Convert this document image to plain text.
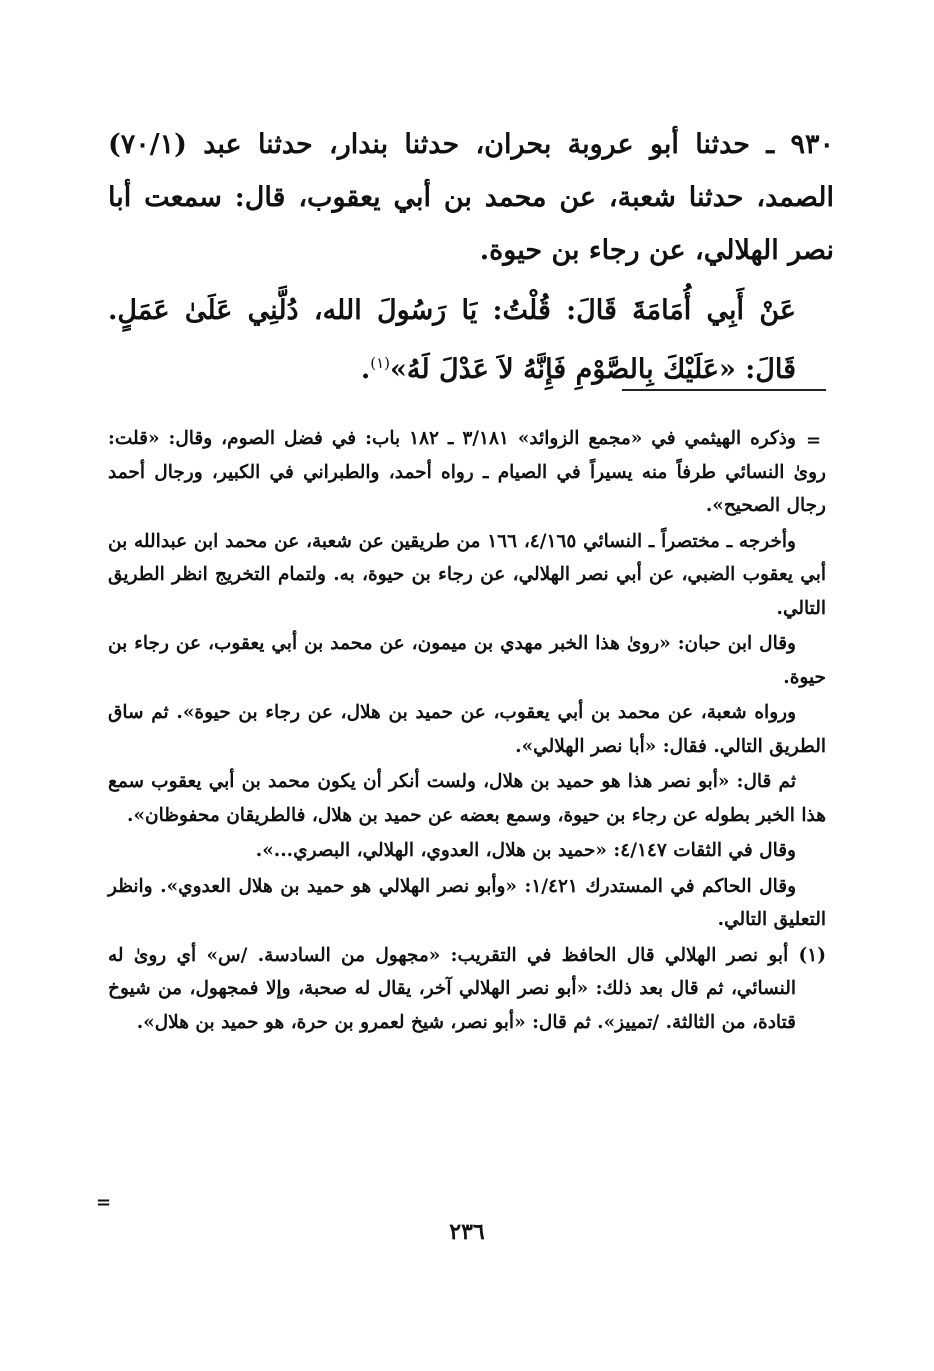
٩٣٠ ـ حدثنا أبو عروبة بحران، حدثنا بندار، حدثنا عبد (٧٠/١) الصمد، حدثنا شعبة، عن محمد بن أبي يعقوب، قال: سمعت أبا نصر الهلالي، عن رجاء بن حيوة.

عَنْ أَبِي أُمَامَةَ قَالَ: قُلْتُ: يَا رَسُولَ الله، دُلَّنِي عَلَىٰ عَمَلٍ. قَالَ: «عَلَيْكَ بِالصَّوْمِ فَإِنَّهُ لاَ عَدْلَ لَهُ»$^{(١)}$.

=

وذكره الهيثمي في «مجمع الزوائد» ٣/١٨١ ـ ١٨٢ باب: في فضل الصوم، وقال: «قلت: روىٰ النسائي طرفاً منه يسيراً في الصيام ـ رواه أحمد، والطبراني في الكبير، ورجال أحمد رجال الصحيح».

وأخرجه ـ مختصراً ـ النسائي ٤/١٦٥، ١٦٦ من طريقين عن شعبة، عن محمد ابن عبدالله بن أبي يعقوب الضبي، عن أبي نصر الهلالي، عن رجاء بن حيوة، به. ولتمام التخريج انظر الطريق التالي.

وقال ابن حبان: «روىٰ هذا الخبر مهدي بن ميمون، عن محمد بن أبي يعقوب، عن رجاء بن حيوة.

ورواه شعبة، عن محمد بن أبي يعقوب، عن حميد بن هلال، عن رجاء بن حيوة». ثم ساق الطريق التالي. فقال: «أبا نصر الهلالي».

ثم قال: «أبو نصر هذا هو حميد بن هلال، ولست أنكر أن يكون محمد بن أبي يعقوب سمع هذا الخبر بطوله عن رجاء بن حيوة، وسمع بعضه عن حميد بن هلال، فالطريقان محفوظان».

وقال في الثقات ٤/١٤٧: «حميد بن هلال، العدوي، الهلالي، البصري...».

وقال الحاكم في المستدرك ١/٤٢١: «وأبو نصر الهلالي هو حميد بن هلال العدوي». وانظر التعليق التالي.

(١) أبو نصر الهلالي قال الحافظ في التقريب: «مجهول من السادسة. /س» أي روىٰ له النسائي، ثم قال بعد ذلك: «أبو نصر الهلالي آخر، يقال له صحبة، وإلا فمجهول، من شيوخ قتادة، من الثالثة. /تمييز». ثم قال: «أبو نصر، شيخ لعمرو بن حرة، هو حميد بن هلال».

=
٢٣٦
